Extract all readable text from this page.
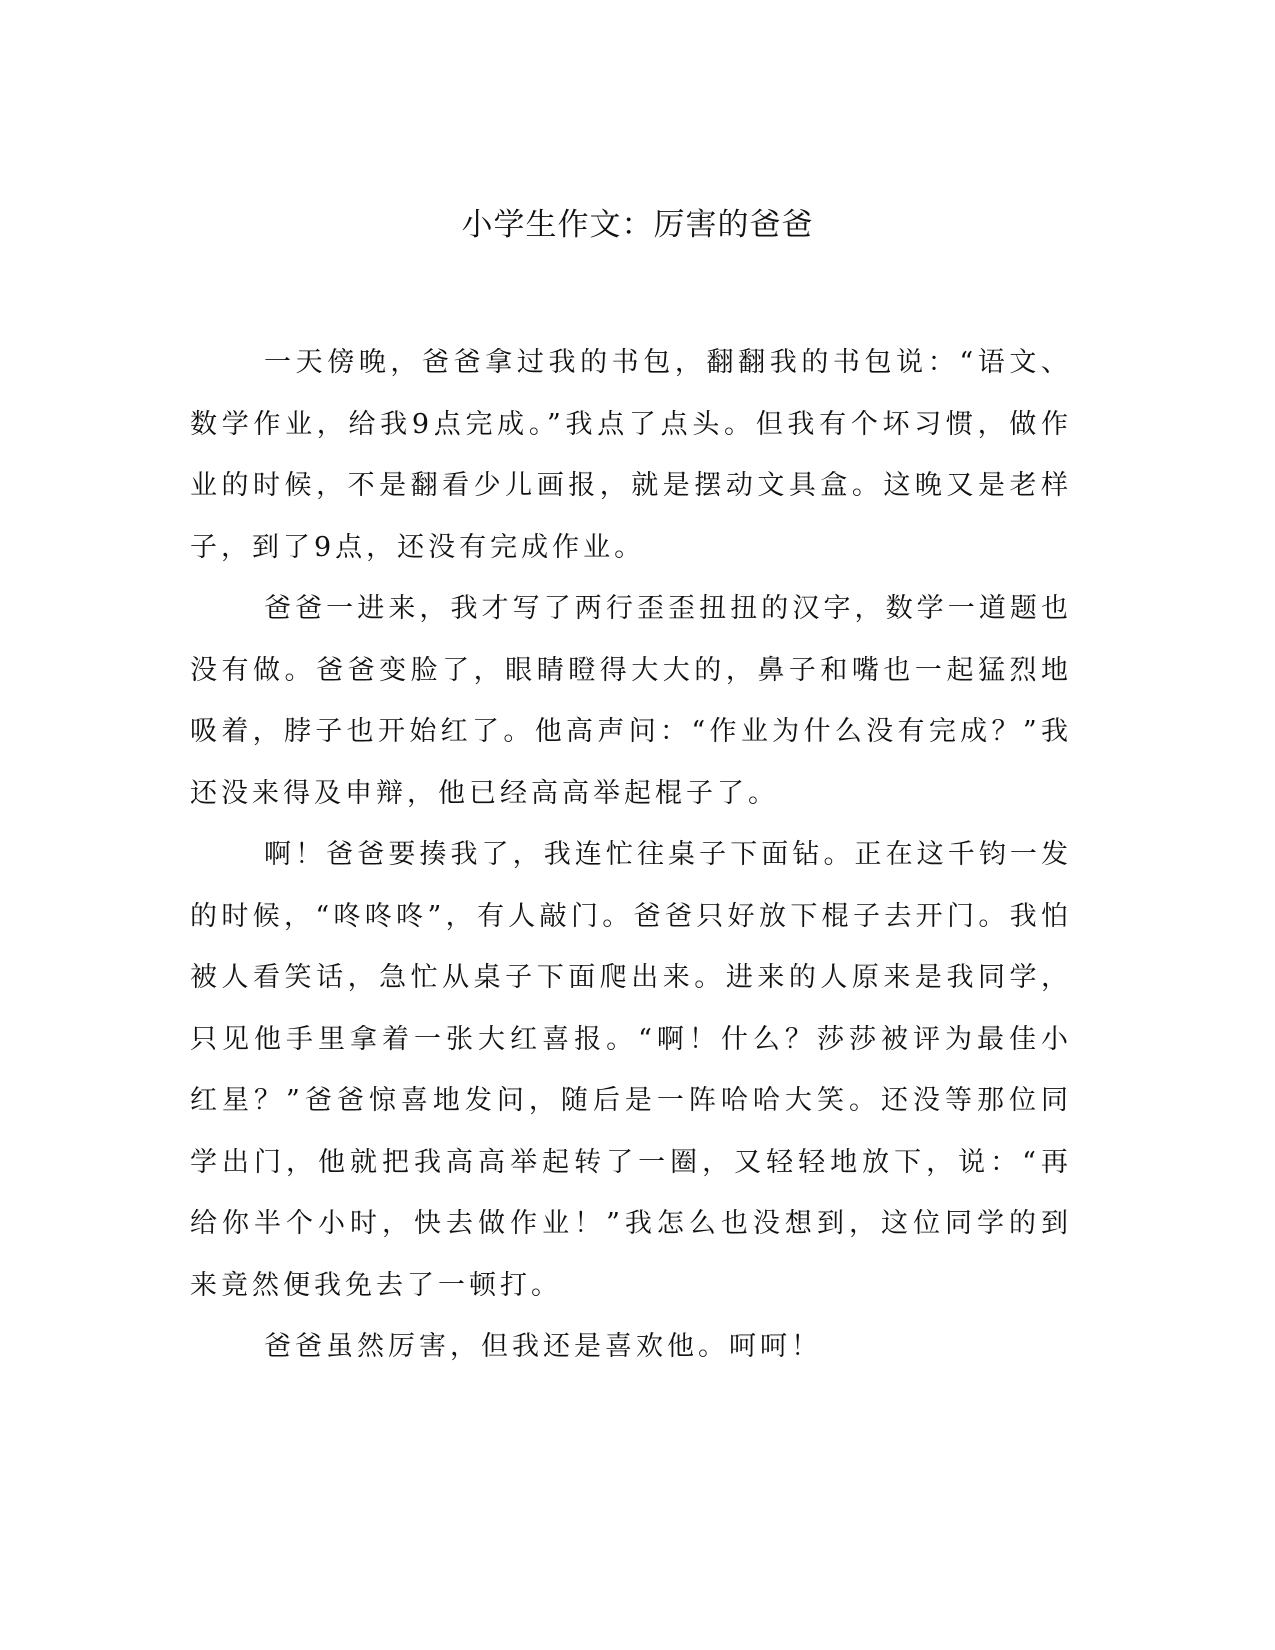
小学生作文：厉害的爸爸

一天傍晚，爸爸拿过我的书包，翻翻我的书包说：“语文、数学作业，给我9点完成。”我点了点头。但我有个坏习惯，做作业的时候，不是翻看少儿画报，就是摆动文具盒。这晚又是老样子，到了9点，还没有完成作业。

爸爸一进来，我才写了两行歪歪扭扭的汉字，数学一道题也没有做。爸爸变脸了，眼睛瞪得大大的，鼻子和嘴也一起猛烈地吸着，脖子也开始红了。他高声问：“作业为什么没有完成？”我还没来得及申辩，他已经高高举起棍子了。

啊！爸爸要揍我了，我连忙往桌子下面钻。正在这千钧一发的时候，“咚咚咚”，有人敲门。爸爸只好放下棍子去开门。我怕被人看笑话，急忙从桌子下面爬出来。进来的人原来是我同学，只见他手里拿着一张大红喜报。“啊！什么？莎莎被评为最佳小红星？”爸爸惊喜地发问，随后是一阵哈哈大笑。还没等那位同学出门，他就把我高高举起转了一圈，又轻轻地放下，说：“再给你半个小时，快去做作业！”我怎么也没想到，这位同学的到来竟然便我免去了一顿打。

爸爸虽然厉害，但我还是喜欢他。呵呵！
